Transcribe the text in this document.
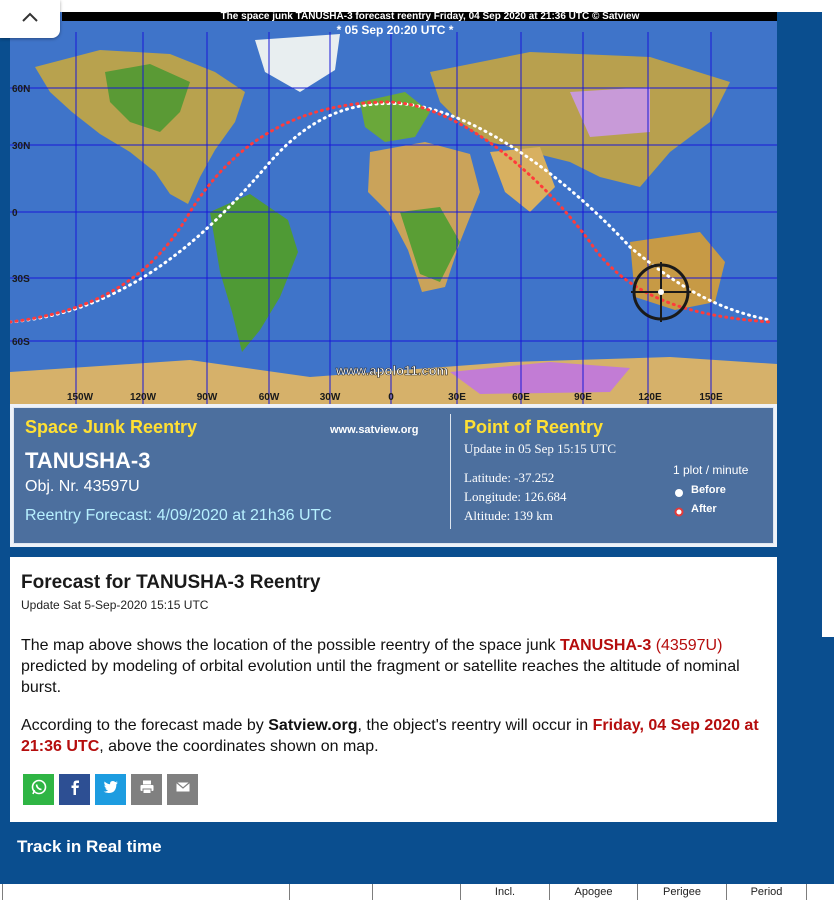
The space junk TANUSHA-3 forecast reentry Friday, 04 Sep 2020 at 21:36 UTC © Satview
* 05 Sep 20:20 UTC *
60N
30N
0
30S
60S
www.apolo11.com
150W	120W	90W	60W	30W	0	30E	60E	90E	120E	150E
Space Junk Reentry	www.satview.org
TANUSHA-3
Obj. Nr. 43597U
Reentry Forecast: 4/09/2020 at 21h36 UTC
Point of Reentry
Update in 05 Sep 15:15 UTC
Latitude: -37.252
Longitude: 126.684
Altitude: 139 km
1 plot / minute
Before
After
Forecast for TANUSHA-3 Reentry
Update Sat 5-Sep-2020 15:15 UTC

The map above shows the location of the possible reentry of the space junk TANUSHA-3 (43597U) predicted by modeling of orbital evolution until the fragment or satellite reaches the altitude of nominal burst.

According to the forecast made by Satview.org, the object's reentry will occur in Friday, 04 Sep 2020 at 21:36 UTC, above the coordinates shown on map.

Track in Real time
Incl.	Apogee	Perigee	Period
